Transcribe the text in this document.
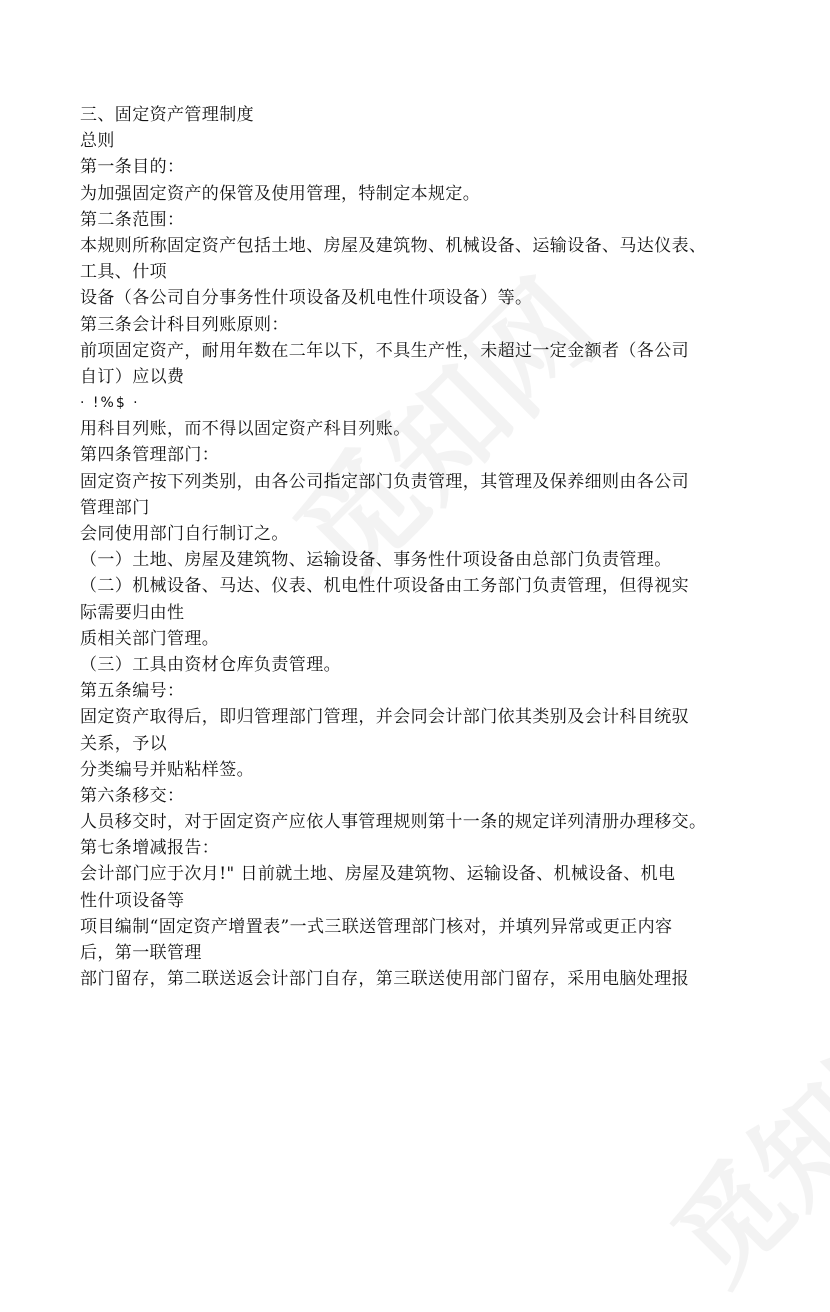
三、固定资产管理制度
总则
第一条目的：
为加强固定资产的保管及使用管理，特制定本规定。
第二条范围：
本规则所称固定资产包括土地、房屋及建筑物、机械设备、运输设备、马达仪表、
工具、什项
设备（各公司自分事务性什项设备及机电性什项设备）等。
第三条会计科目列账原则：
前项固定资产，耐用年数在二年以下，不具生产性，未超过一定金额者（各公司
自订）应以费
· !%$ ·
用科目列账，而不得以固定资产科目列账。
第四条管理部门：
固定资产按下列类别，由各公司指定部门负责管理，其管理及保养细则由各公司
管理部门
会同使用部门自行制订之。
（一）土地、房屋及建筑物、运输设备、事务性什项设备由总部门负责管理。
（二）机械设备、马达、仪表、机电性什项设备由工务部门负责管理，但得视实
际需要归由性
质相关部门管理。
（三）工具由资材仓库负责管理。
第五条编号：
固定资产取得后，即归管理部门管理，并会同会计部门依其类别及会计科目统驭
关系，予以
分类编号并贴粘样签。
第六条移交：
人员移交时，对于固定资产应依人事管理规则第十一条的规定详列清册办理移交。
第七条增减报告：
会计部门应于次月!" 日前就土地、房屋及建筑物、运输设备、机械设备、机电
性什项设备等
项目编制“固定资产增置表”一式三联送管理部门核对，并填列异常或更正内容
后，第一联管理
部门留存，第二联送返会计部门自存，第三联送使用部门留存，采用电脑处理报
